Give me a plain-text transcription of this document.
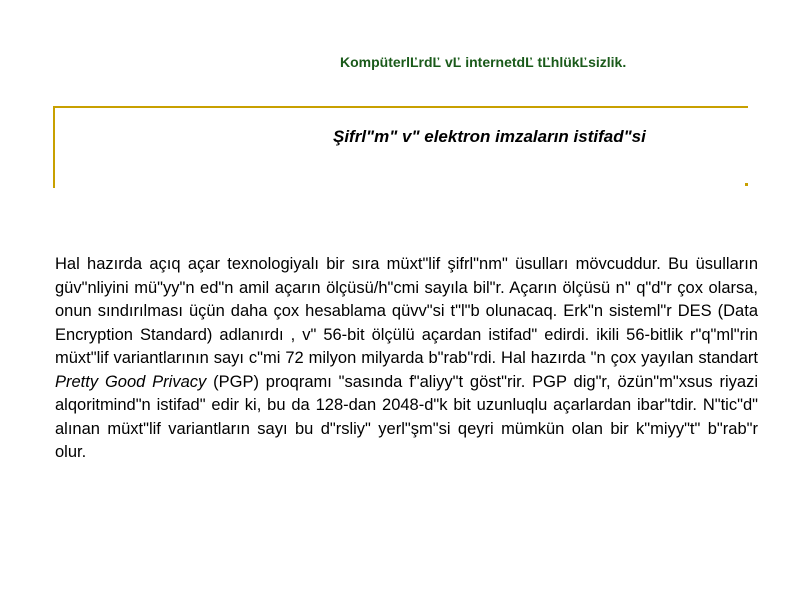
KompüterlĽrdĽ vĽ internetdĽ tĽhlükĽsizlik.
Şifrl"m" v" elektron imzaların istifad"si
Hal hazırda açıq açar texnologiyalı bir sıra müxt"lif şifrl"nm" üsulları mövcuddur. Bu üsulların güv"nliyini mü"yy"n ed"n amil açarın ölçüsü/h"cmi sayıla bil"r. Açarın ölçüsü n" q"d"r çox olarsa, onun sındırılması üçün daha çox hesablama qüvv"si t"l"b olunacaq. Erk"n sisteml"r DES (Data Encryption Standard) adlanırdı , v" 56-bit ölçülü açardan istifad" edirdi. ikili 56-bitlik r"q"ml"rin müxt"lif variantlarının sayı c"mi 72 milyon milyarda b"rab"rdi. Hal hazırda "n çox yayılan standart Pretty Good Privacy (PGP) proqramı "sasında f"aliyy"t göst"rir. PGP dig"r, özün"m"xsus riyazi alqoritmind"n istifad" edir ki, bu da 128-dan 2048-d"k bit uzunluqlu açarlardan ibar"tdir. N"tic"d" alınan müxt"lif variantların sayı bu d"rsliy" yerl"şm"si qeyri mümkün olan bir k"miyy"t" b"rab"r olur.
